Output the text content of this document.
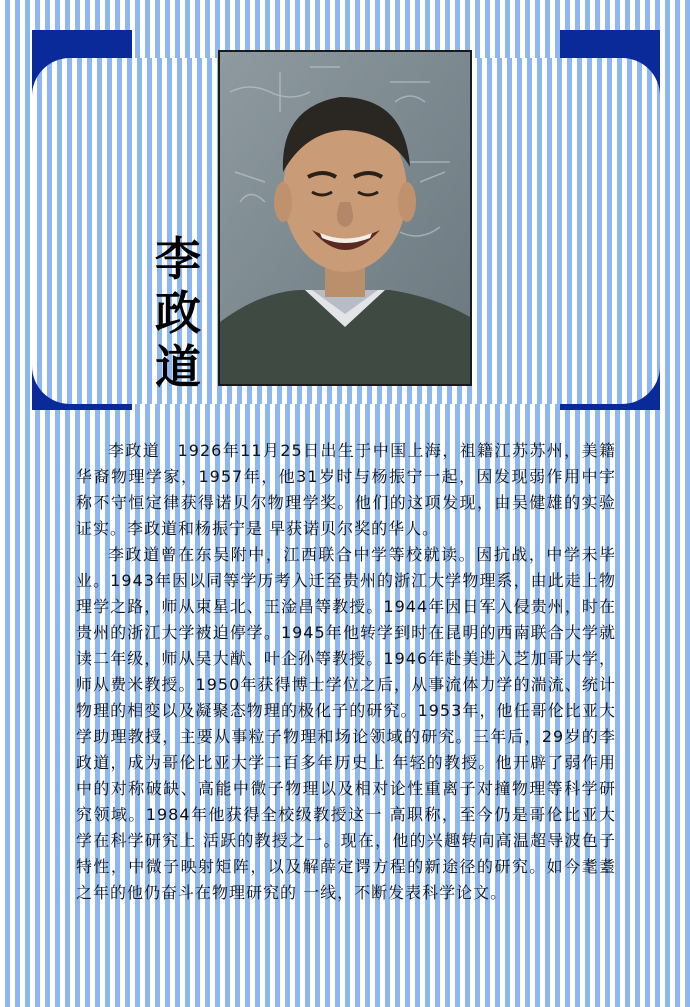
李
政
道

李政道　1926年11月25日出生于中国上海，祖籍江苏苏州，美籍华裔物理学家，1957年，他31岁时与杨振宁一起，因发现弱作用中宇称不守恒定律获得诺贝尔物理学奖。他们的这项发现，由吴健雄的实验证实。李政道和杨振宁是 早获诺贝尔奖的华人。

李政道曾在东吴附中，江西联合中学等校就读。因抗战，中学未毕业。1943年因以同等学历考入迁至贵州的浙江大学物理系，由此走上物理学之路，师从束星北、王淦昌等教授。1944年因日军入侵贵州，时在贵州的浙江大学被迫停学。1945年他转学到时在昆明的西南联合大学就读二年级，师从吴大猷、叶企孙等教授。1946年赴美进入芝加哥大学，师从费米教授。1950年获得博士学位之后，从事流体力学的湍流、统计物理的相变以及凝聚态物理的极化子的研究。1953年，他任哥伦比亚大学助理教授，主要从事粒子物理和场论领域的研究。三年后，29岁的李政道，成为哥伦比亚大学二百多年历史上 年轻的教授。他开辟了弱作用中的对称破缺、高能中微子物理以及相对论性重离子对撞物理等科学研究领域。1984年他获得全校级教授这一 高职称，至今仍是哥伦比亚大学在科学研究上 活跃的教授之一。现在，他的兴趣转向高温超导波色子特性，中微子映射矩阵，以及解薛定谔方程的新途径的研究。如今耄耋之年的他仍奋斗在物理研究的 一线，不断发表科学论文。
